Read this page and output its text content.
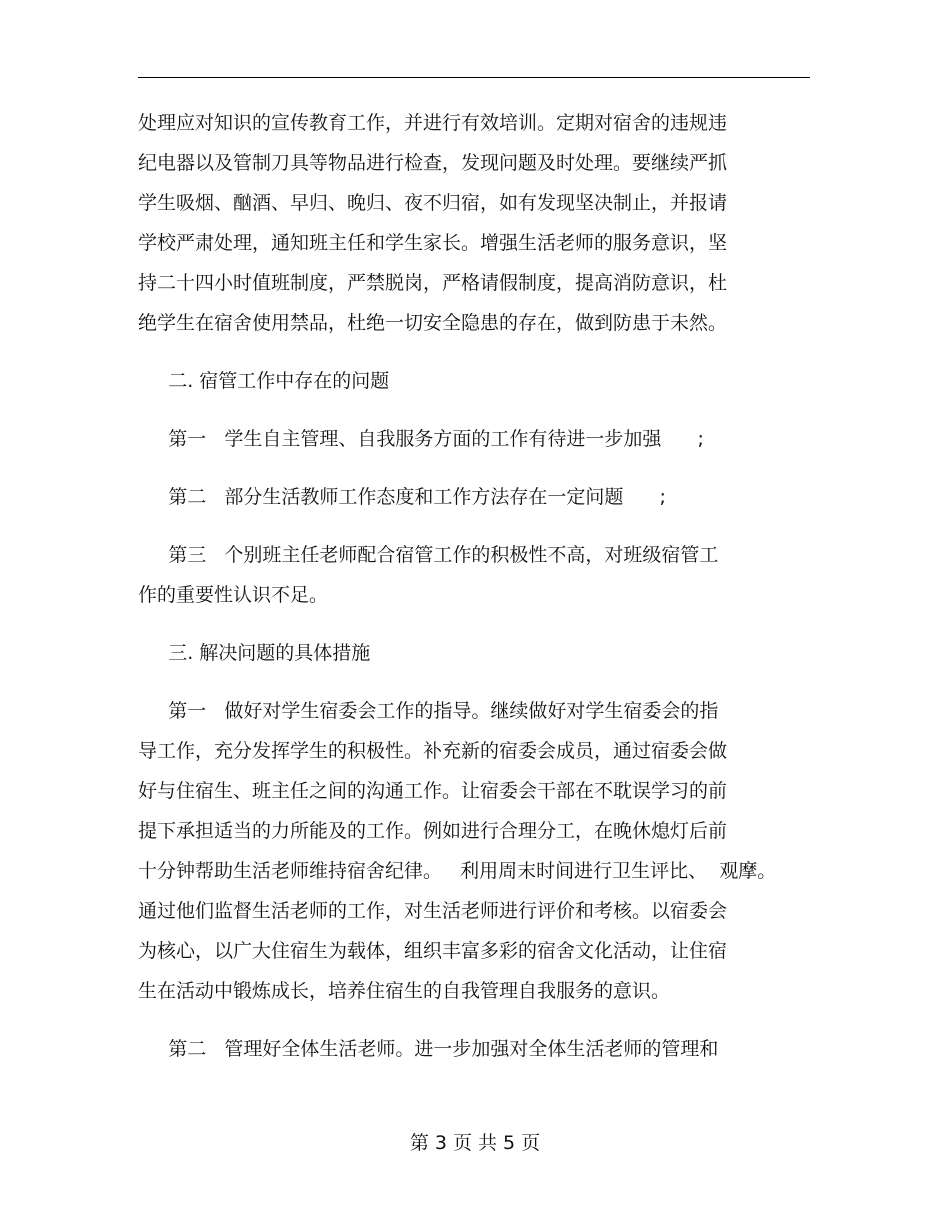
处理应对知识的宣传教育工作，并进行有效培训。定期对宿舍的违规违
纪电器以及管制刀具等物品进行检查，发现问题及时处理。要继续严抓
学生吸烟、酗酒、早归、晚归、夜不归宿，如有发现坚决制止，并报请
学校严肃处理，通知班主任和学生家长。增强生活老师的服务意识，坚
持二十四小时值班制度，严禁脱岗，严格请假制度，提高消防意识，杜
绝学生在宿舍使用禁品，杜绝一切安全隐患的存在，做到防患于未然。
二. 宿管工作中存在的问题
第一   学生自主管理、自我服务方面的工作有待进一步加强      ;
第二   部分生活教师工作态度和工作方法存在一定问题      ;
第三   个别班主任老师配合宿管工作的积极性不高，对班级宿管工
作的重要性认识不足。
三. 解决问题的具体措施
第一   做好对学生宿委会工作的指导。继续做好对学生宿委会的指
导工作，充分发挥学生的积极性。补充新的宿委会成员，通过宿委会做
好与住宿生、班主任之间的沟通工作。让宿委会干部在不耽误学习的前
提下承担适当的力所能及的工作。例如进行合理分工，在晚休熄灯后前
十分钟帮助生活老师维持宿舍纪律。   利用周末时间进行卫生评比、  观摩。
通过他们监督生活老师的工作，对生活老师进行评价和考核。以宿委会
为核心，以广大住宿生为载体，组织丰富多彩的宿舍文化活动，让住宿
生在活动中锻炼成长，培养住宿生的自我管理自我服务的意识。
第二   管理好全体生活老师。进一步加强对全体生活老师的管理和
第 3 页 共 5 页
